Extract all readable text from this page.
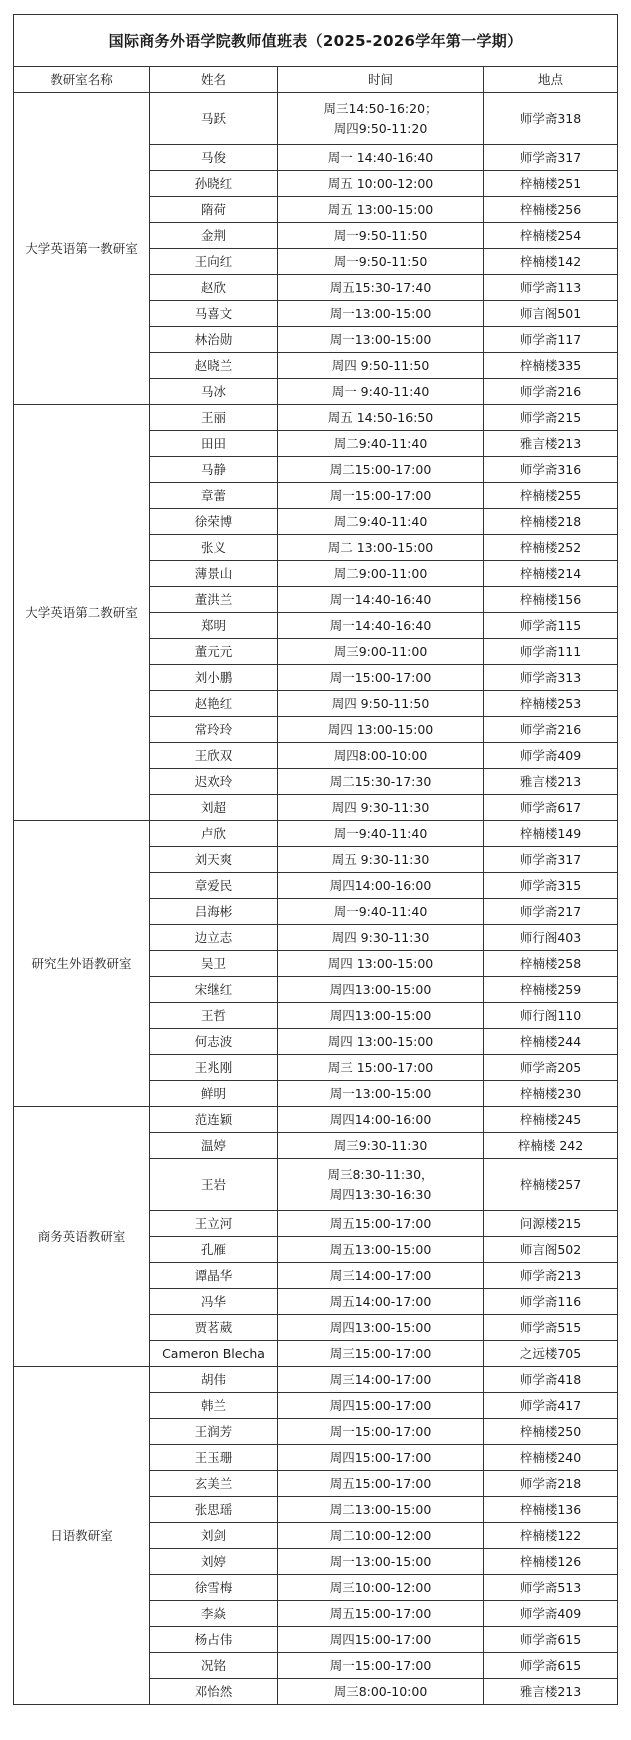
国际商务外语学院教师值班表（2025-2026学年第一学期）			
教研室名称	姓名	时间	地点
大学英语第一教研室	马跃	周三14:50-16:20；
周四9:50-11:20	师学斋318
	马俊	周一 14:40-16:40	师学斋317
	孙晓红	周五 10:00-12:00	梓楠楼251
	隋荷	周五 13:00-15:00	梓楠楼256
	金荆	周一9:50-11:50	梓楠楼254
	王向红	周一9:50-11:50	梓楠楼142
	赵欣	周五15:30-17:40	师学斋113
	马喜文	周一13:00-15:00	师言阁501
	林治勋	周一13:00-15:00	师学斋117
	赵晓兰	周四 9:50-11:50	梓楠楼335
	马冰	周一 9:40-11:40	师学斋216
大学英语第二教研室	王丽	周五 14:50-16:50	师学斋215
	田田	周二9:40-11:40	雅言楼213
	马静	周二15:00-17:00	师学斋316
	章蕾	周一15:00-17:00	梓楠楼255
	徐荣博	周二9:40-11:40	梓楠楼218
	张义	周二 13:00-15:00	梓楠楼252
	薄景山	周二9:00-11:00	梓楠楼214
	董洪兰	周一14:40-16:40	梓楠楼156
	郑明	周一14:40-16:40	师学斋115
	董元元	周三9:00-11:00	师学斋111
	刘小鹏	周一15:00-17:00	师学斋313
	赵艳红	周四 9:50-11:50	梓楠楼253
	常玲玲	周四 13:00-15:00	师学斋216
	王欣双	周四8:00-10:00	师学斋409
	迟欢玲	周二15:30-17:30	雅言楼213
	刘超	周四 9:30-11:30	师学斋617
研究生外语教研室	卢欣	周一9:40-11:40	梓楠楼149
	刘天爽	周五 9:30-11:30	师学斋317
	章爱民	周四14:00-16:00	师学斋315
	吕海彬	周一9:40-11:40	师学斋217
	边立志	周四 9:30-11:30	师行阁403
	吴卫	周四 13:00-15:00	梓楠楼258
	宋继红	周四13:00-15:00	梓楠楼259
	王哲	周四13:00-15:00	师行阁110
	何志波	周四 13:00-15:00	梓楠楼244
	王兆刚	周三 15:00-17:00	师学斋205
	鲜明	周一13:00-15:00	梓楠楼230
商务英语教研室	范连颖	周四14:00-16:00	梓楠楼245
	温婷	周三9:30-11:30	梓楠楼 242
	王岩	周三8:30-11:30，
周四13:30-16:30	梓楠楼257
	王立河	周五15:00-17:00	问源楼215
	孔雁	周五13:00-15:00	师言阁502
	谭晶华	周三14:00-17:00	师学斋213
	冯华	周五14:00-17:00	师学斋116
	贾茗葳	周四13:00-15:00	师学斋515
	Cameron Blecha	周三15:00-17:00	之远楼705
日语教研室	胡伟	周三14:00-17:00	师学斋418
	韩兰	周四15:00-17:00	师学斋417
	王润芳	周一15:00-17:00	梓楠楼250
	王玉珊	周四15:00-17:00	梓楠楼240
	玄美兰	周五15:00-17:00	师学斋218
	张思瑶	周二13:00-15:00	梓楠楼136
	刘剑	周二10:00-12:00	梓楠楼122
	刘婷	周一13:00-15:00	梓楠楼126
	徐雪梅	周三10:00-12:00	师学斋513
	李焱	周五15:00-17:00	师学斋409
	杨占伟	周四15:00-17:00	师学斋615
	况铭	周一15:00-17:00	师学斋615
	邓怡然	周三8:00-10:00	雅言楼213
